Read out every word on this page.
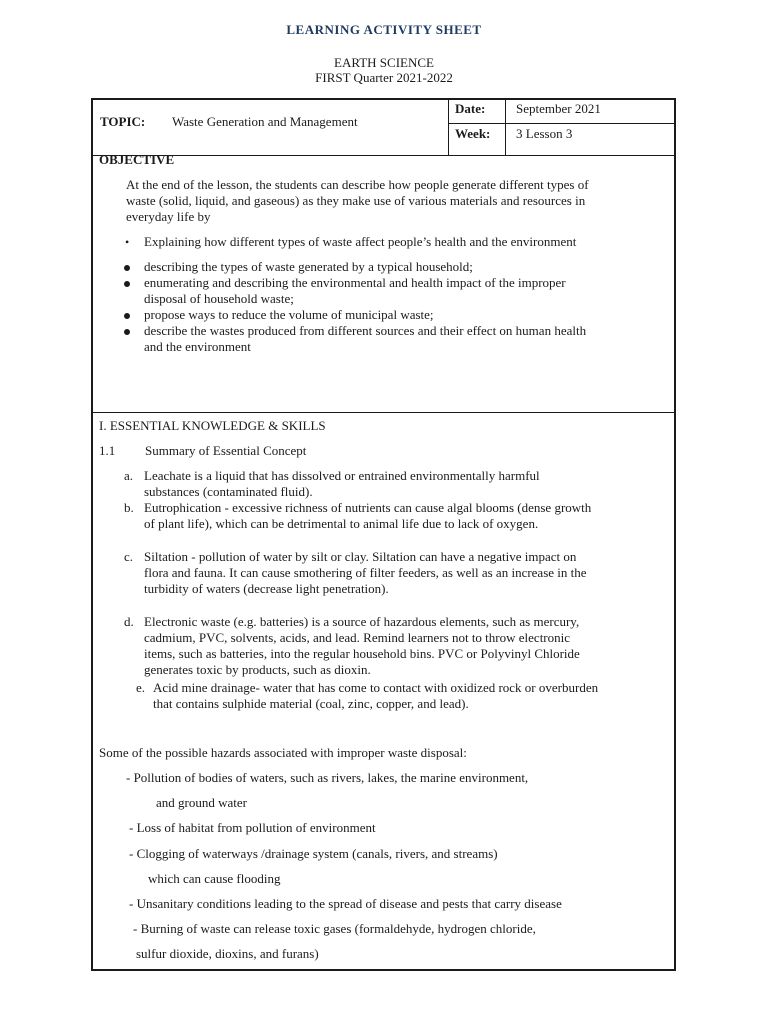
LEARNING ACTIVITY SHEET
EARTH SCIENCE
FIRST Quarter 2021-2022
TOPIC: Waste Generation and Management
Date: September 2021
Week: 3 Lesson 3
OBJECTIVE
At the end of the lesson, the students can describe how people generate different types of
waste (solid, liquid, and gaseous) as they make use of various materials and resources in
everyday life by
• Explaining how different types of waste affect people’s health and the environment
describing the types of waste generated by a typical household;
enumerating and describing the environmental and health impact of the improper
disposal of household waste;
propose ways to reduce the volume of municipal waste;
describe the wastes produced from different sources and their effect on human health
and the environment
I. ESSENTIAL KNOWLEDGE & SKILLS
1.1 Summary of Essential Concept
a. Leachate is a liquid that has dissolved or entrained environmentally harmful
substances (contaminated fluid).
b. Eutrophication - excessive richness of nutrients can cause algal blooms (dense growth
of plant life), which can be detrimental to animal life due to lack of oxygen.
c. Siltation - pollution of water by silt or clay. Siltation can have a negative impact on
flora and fauna. It can cause smothering of filter feeders, as well as an increase in the
turbidity of waters (decrease light penetration).
d. Electronic waste (e.g. batteries) is a source of hazardous elements, such as mercury,
cadmium, PVC, solvents, acids, and lead. Remind learners not to throw electronic
items, such as batteries, into the regular household bins. PVC or Polyvinyl Chloride
generates toxic by products, such as dioxin.
e. Acid mine drainage- water that has come to contact with oxidized rock or overburden
that contains sulphide material (coal, zinc, copper, and lead).
Some of the possible hazards associated with improper waste disposal:
- Pollution of bodies of waters, such as rivers, lakes, the marine environment,
and ground water
- Loss of habitat from pollution of environment
- Clogging of waterways /drainage system (canals, rivers, and streams)
which can cause flooding
- Unsanitary conditions leading to the spread of disease and pests that carry disease
- Burning of waste can release toxic gases (formaldehyde, hydrogen chloride,
sulfur dioxide, dioxins, and furans)
